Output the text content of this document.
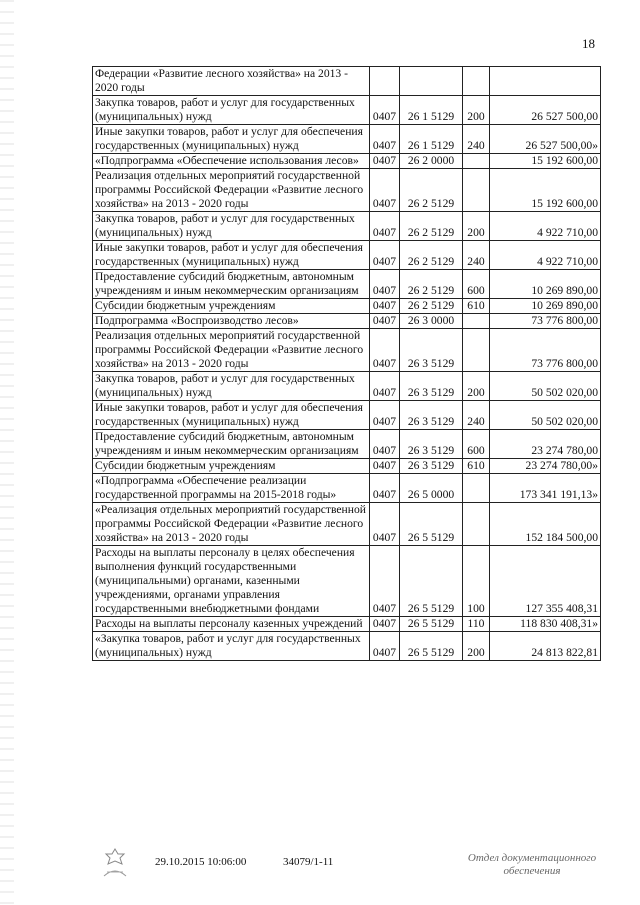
18
Федерации «Развитие лесного хозяйства» на 2013 - 2020 годы				
Закупка товаров, работ и услуг для государственных (муниципальных) нужд	0407	26 1 5129	200	26 527 500,00
Иные закупки товаров, работ и услуг для обеспечения государственных (муниципальных) нужд	0407	26 1 5129	240	26 527 500,00»
«Подпрограмма «Обеспечение использования лесов»	0407	26 2 0000		15 192 600,00
Реализация отдельных мероприятий государственной программы Российской Федерации «Развитие лесного хозяйства» на 2013 - 2020 годы	0407	26 2 5129		15 192 600,00
Закупка товаров, работ и услуг для государственных (муниципальных) нужд	0407	26 2 5129	200	4 922 710,00
Иные закупки товаров, работ и услуг для обеспечения государственных (муниципальных) нужд	0407	26 2 5129	240	4 922 710,00
Предоставление субсидий бюджетным, автономным учреждениям и иным некоммерческим организациям	0407	26 2 5129	600	10 269 890,00
Субсидии бюджетным учреждениям	0407	26 2 5129	610	10 269 890,00
Подпрограмма «Воспроизводство лесов»	0407	26 3 0000		73 776 800,00
Реализация отдельных мероприятий государственной программы Российской Федерации «Развитие лесного хозяйства» на 2013 - 2020 годы	0407	26 3 5129		73 776 800,00
Закупка товаров, работ и услуг для государственных (муниципальных) нужд	0407	26 3 5129	200	50 502 020,00
Иные закупки товаров, работ и услуг для обеспечения государственных (муниципальных) нужд	0407	26 3 5129	240	50 502 020,00
Предоставление субсидий бюджетным, автономным учреждениям и иным некоммерческим организациям	0407	26 3 5129	600	23 274 780,00
Субсидии бюджетным учреждениям	0407	26 3 5129	610	23 274 780,00»
«Подпрограмма «Обеспечение реализации государственной программы на 2015-2018 годы»	0407	26 5 0000		173 341 191,13»
«Реализация отдельных мероприятий государственной программы Российской Федерации «Развитие лесного хозяйства» на 2013 - 2020 годы	0407	26 5 5129		152 184 500,00
Расходы на выплаты персоналу в целях обеспечения выполнения функций государственными (муниципальными) органами, казенными учреждениями, органами управления государственными внебюджетными фондами	0407	26 5 5129	100	127 355 408,31
Расходы на выплаты персоналу казенных учреждений	0407	26 5 5129	110	118 830 408,31»
«Закупка товаров, работ и услуг для государственных (муниципальных) нужд	0407	26 5 5129	200	24 813 822,81
29.10.2015 10:06:00	34079/1-11	Отдел документационного обеспечения
